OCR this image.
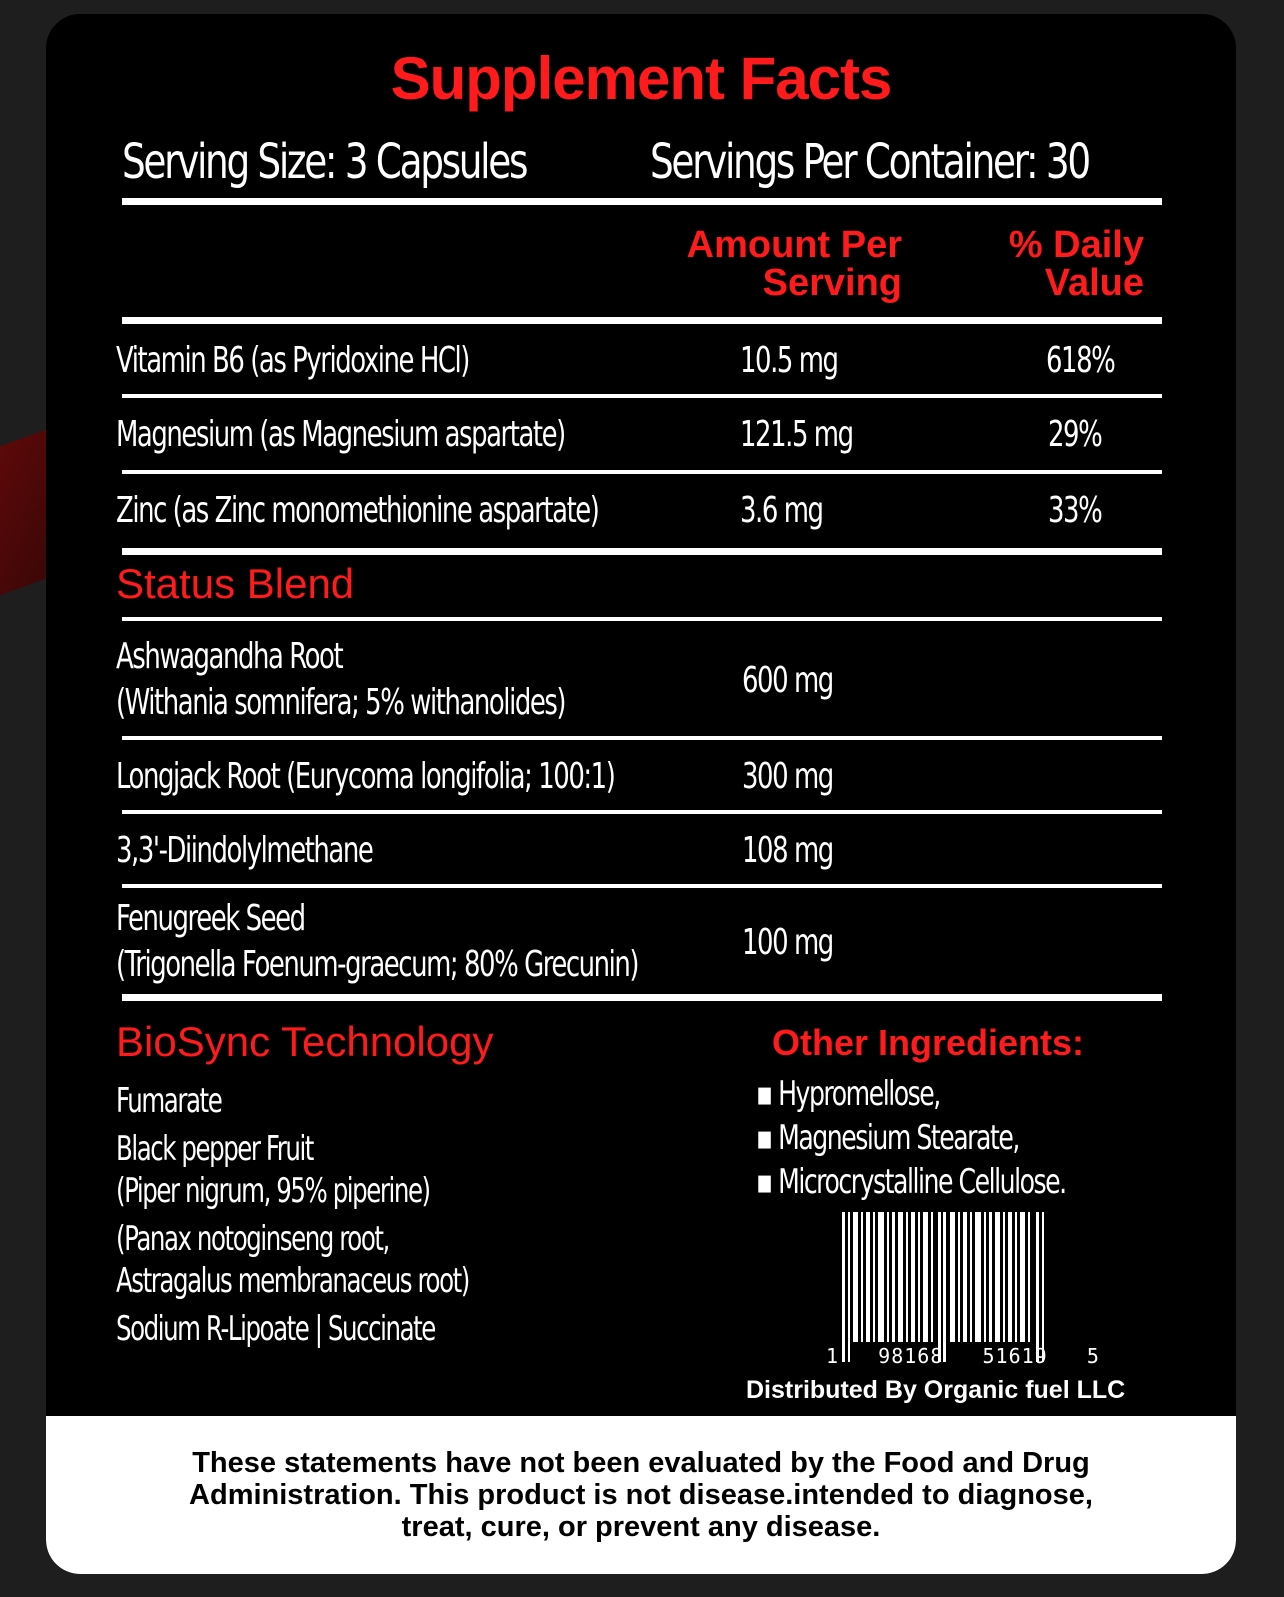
Supplement Facts
Serving Size: 3 Capsules	Servings Per Container: 30
Amount Per
Serving
% Daily
Value
Vitamin B6 (as Pyridoxine HCl)	10.5 mg	618%
Magnesium (as Magnesium aspartate)	121.5 mg	29%
Zinc (as Zinc monomethionine aspartate)	3.6 mg	33%
Status Blend
Ashwagandha Root
(Withania somnifera; 5% withanolides)
600 mg
Longjack Root (Eurycoma longifolia; 100:1)	300 mg
3,3'-Diindolylmethane	108 mg
Fenugreek Seed
(Trigonella Foenum-graecum; 80% Grecunin)
100 mg
BioSync Technology
Fumarate
Black pepper Fruit
(Piper nigrum, 95% piperine)
(Panax notoginseng root,
Astragalus membranaceus root)
Sodium R-Lipoate | Succinate
Other Ingredients:
▪ Hypromellose,
▪ Magnesium Stearate,
▪ Microcrystalline Cellulose.
1   98168   51619   5
Distributed By Organic fuel LLC
These statements have not been evaluated by the Food and Drug Administration. This product is not disease.intended to diagnose, treat, cure, or prevent any disease.
